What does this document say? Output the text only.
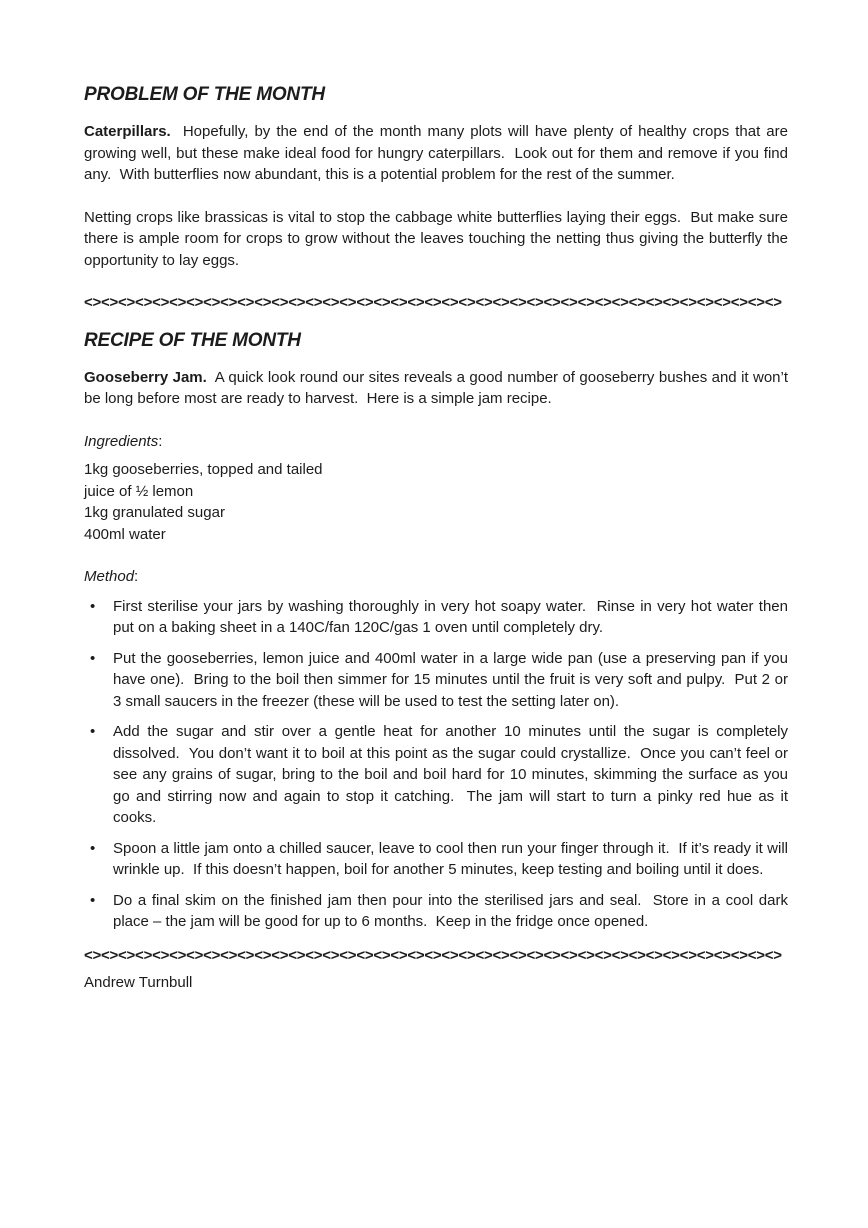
PROBLEM OF THE MONTH

Caterpillars.  Hopefully, by the end of the month many plots will have plenty of healthy crops that are growing well, but these make ideal food for hungry caterpillars.  Look out for them and remove if you find any.  With butterflies now abundant, this is a potential problem for the rest of the summer.

Netting crops like brassicas is vital to stop the cabbage white butterflies laying their eggs.  But make sure there is ample room for crops to grow without the leaves touching the netting thus giving the butterfly the opportunity to lay eggs.

<><><><><><><><><><><><><><><><><><><><><><><><><><><><><><><><><><><><><><><><><>
RECIPE OF THE MONTH

Gooseberry Jam.  A quick look round our sites reveals a good number of gooseberry bushes and it won’t be long before most are ready to harvest.  Here is a simple jam recipe.

Ingredients:
1kg gooseberries, topped and tailed
juice of ½ lemon
1kg granulated sugar
400ml water
Method:
•	First sterilise your jars by washing thoroughly in very hot soapy water.  Rinse in very hot water then put on a baking sheet in a 140C/fan 120C/gas 1 oven until completely dry.
•	Put the gooseberries, lemon juice and 400ml water in a large wide pan (use a preserving pan if you have one).  Bring to the boil then simmer for 15 minutes until the fruit is very soft and pulpy.  Put 2 or 3 small saucers in the freezer (these will be used to test the setting later on).
•	Add the sugar and stir over a gentle heat for another 10 minutes until the sugar is completely dissolved.  You don’t want it to boil at this point as the sugar could crystallize.  Once you can’t feel or see any grains of sugar, bring to the boil and boil hard for 10 minutes, skimming the surface as you go and stirring now and again to stop it catching.  The jam will start to turn a pinky red hue as it cooks.
•	Spoon a little jam onto a chilled saucer, leave to cool then run your finger through it.  If it’s ready it will wrinkle up.  If this doesn’t happen, boil for another 5 minutes, keep testing and boiling until it does.
•	Do a final skim on the finished jam then pour into the sterilised jars and seal.  Store in a cool dark place – the jam will be good for up to 6 months.  Keep in the fridge once opened.
<><><><><><><><><><><><><><><><><><><><><><><><><><><><><><><><><><><><><><><><><>

Andrew Turnbull
